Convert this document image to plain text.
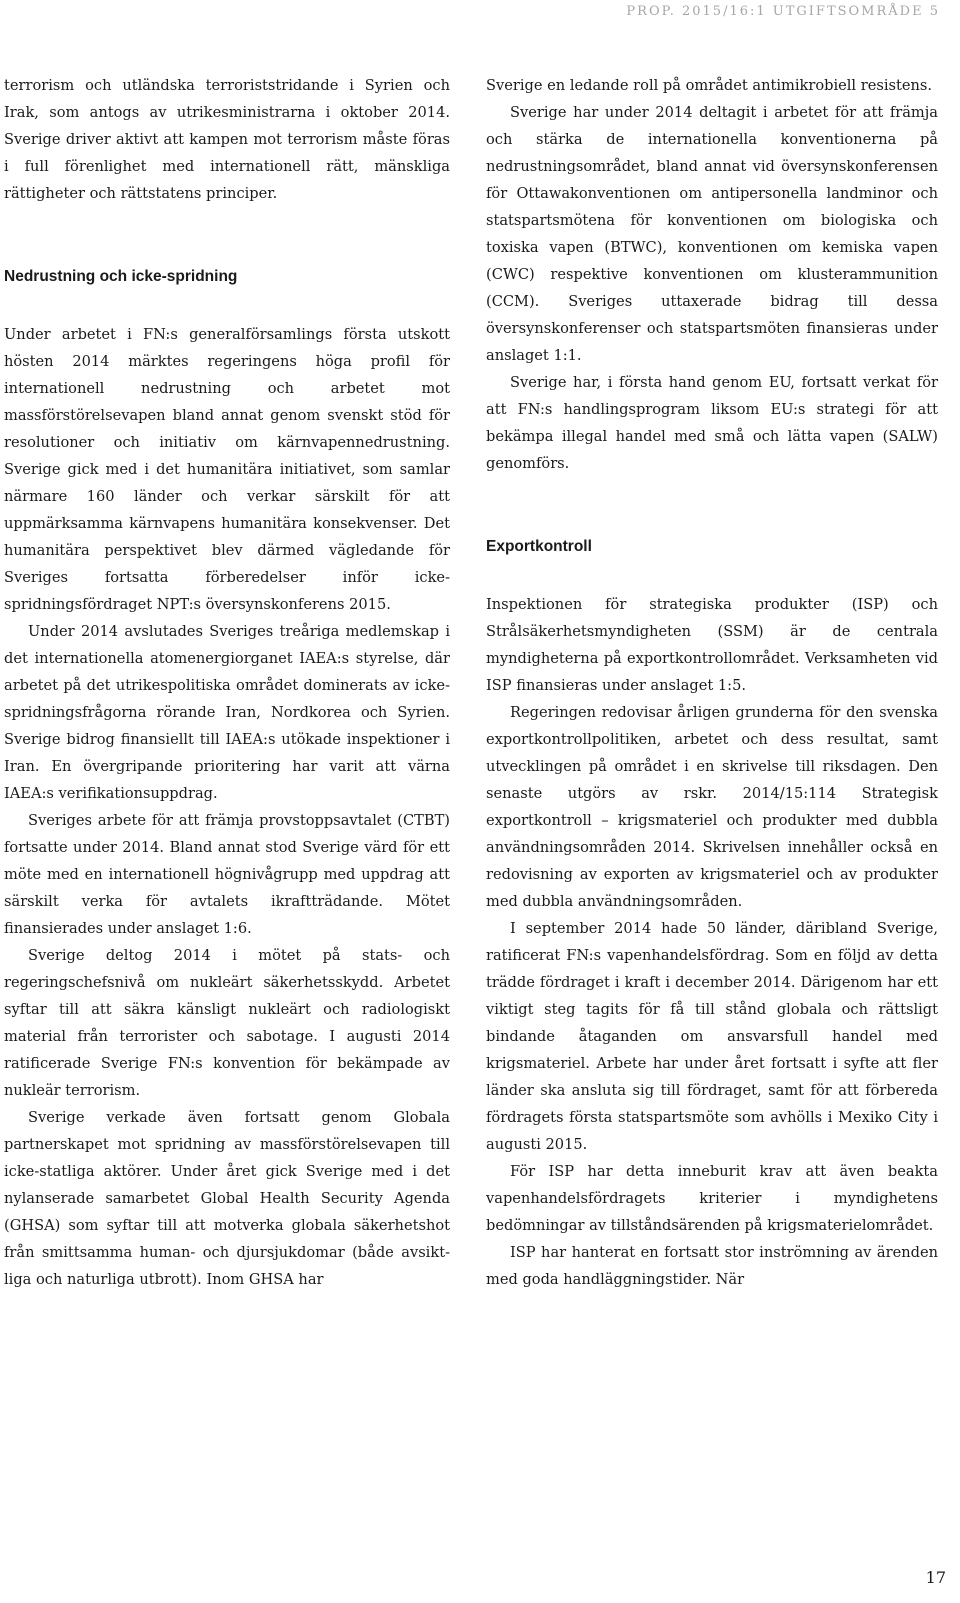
PROP. 2015/16:1 UTGIFTSOMRÅDE 5

terrorism och utländska terroriststridande i Syrien och Irak, som antogs av utrikesministrarna i oktober 2014. Sverige driver aktivt att kampen mot terrorism måste föras i full förenlighet med internationell rätt, mänskliga rättigheter och rättstatens principer.

Nedrustning och icke-spridning

Under arbetet i FN:s generalförsamlings första utskott hösten 2014 märktes regeringens höga profil för internationell nedrustning och arbetet mot massförstörelsevapen bland annat genom svenskt stöd för resolutioner och initiativ om kärnvapennedrustning. Sverige gick med i det humanitära initiativet, som samlar närmare 160 länder och verkar särskilt för att uppmärksamma kärnvapens humanitära konsekvenser. Det humanitära perspektivet blev därmed vägledande för Sveriges fortsatta förberedelser inför ickespridningsfördraget NPT:s översynskonferens 2015.

Under 2014 avslutades Sveriges treåriga medlemskap i det internationella atomenergiorganet IAEA:s styrelse, där arbetet på det utrikespolitiska området dominerats av ickespridningsfrågorna rörande Iran, Nordkorea och Syrien. Sverige bidrog finansiellt till IAEA:s utökade inspektioner i Iran. En övergripande prioritering har varit att värna IAEA:s verifikationsuppdrag.

Sveriges arbete för att främja provstoppsavtalet (CTBT) fortsatte under 2014. Bland annat stod Sverige värd för ett möte med en internationell högnivågrupp med uppdrag att särskilt verka för avtalets ikraftträdande. Mötet finansierades under anslaget 1:6.

Sverige deltog 2014 i mötet på stats- och regeringschefsnivå om nukleärt säkerhetsskydd. Arbetet syftar till att säkra känsligt nukleärt och radiologiskt material från terrorister och sabotage. I augusti 2014 ratificerade Sverige FN:s konvention för bekämpade av nukleär terrorism.

Sverige verkade även fortsatt genom Globala partnerskapet mot spridning av massförstörelsevapen till icke-statliga aktörer. Under året gick Sverige med i det nylanserade samarbetet Global Health Security Agenda (GHSA) som syftar till att motverka globala säkerhetshot från smittsamma human- och djursjukdomar (både avsiktliga och naturliga utbrott). Inom GHSA har

Sverige en ledande roll på området antimikrobiell resistens.

Sverige har under 2014 deltagit i arbetet för att främja och stärka de internationella konventionerna på nedrustningsområdet, bland annat vid översynskonferensen för Ottawakonventionen om antipersonella landminor och statspartsmötena för konventionen om biologiska och toxiska vapen (BTWC), konventionen om kemiska vapen (CWC) respektive konventionen om klusterammunition (CCM). Sveriges uttaxerade bidrag till dessa översynskonferenser och statspartsmöten finansieras under anslaget 1:1.

Sverige har, i första hand genom EU, fortsatt verkat för att FN:s handlingsprogram liksom EU:s strategi för att bekämpa illegal handel med små och lätta vapen (SALW) genomförs.

Exportkontroll

Inspektionen för strategiska produkter (ISP) och Strålsäkerhetsmyndigheten (SSM) är de centrala myndigheterna på exportkontrollområdet. Verksamheten vid ISP finansieras under anslaget 1:5.

Regeringen redovisar årligen grunderna för den svenska exportkontrollpolitiken, arbetet och dess resultat, samt utvecklingen på området i en skrivelse till riksdagen. Den senaste utgörs av rskr. 2014/15:114 Strategisk exportkontroll – krigsmateriel och produkter med dubbla användningsområden 2014. Skrivelsen innehåller också en redovisning av exporten av krigsmateriel och av produkter med dubbla användningsområden.

I september 2014 hade 50 länder, däribland Sverige, ratificerat FN:s vapenhandelsfördrag. Som en följd av detta trädde fördraget i kraft i december 2014. Därigenom har ett viktigt steg tagits för få till stånd globala och rättsligt bindande åtaganden om ansvarsfull handel med krigsmateriel. Arbete har under året fortsatt i syfte att fler länder ska ansluta sig till fördraget, samt för att förbereda fördragets första statspartsmöte som avhölls i Mexiko City i augusti 2015.

För ISP har detta inneburit krav att även beakta vapenhandelsfördragets kriterier i myndighetens bedömningar av tillståndsärenden på krigsmaterielområdet.

ISP har hanterat en fortsatt stor inströmning av ärenden med goda handläggningstider. När

17
